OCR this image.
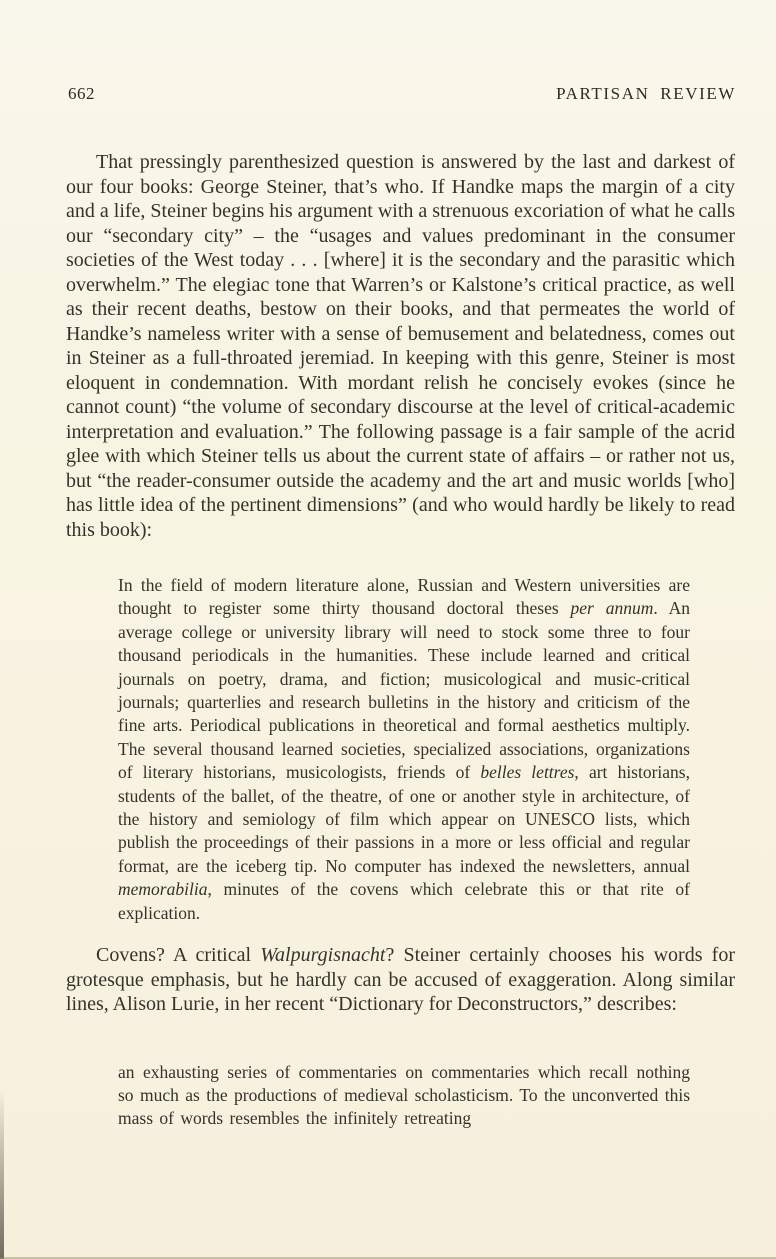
662	PARTISAN REVIEW
That pressingly parenthesized question is answered by the last and darkest of our four books: George Steiner, that’s who. If Handke maps the margin of a city and a life, Steiner begins his argument with a strenuous excoriation of what he calls our “secondary city” – the “usages and values predominant in the consumer societies of the West today . . . [where] it is the secondary and the parasitic which overwhelm.” The elegiac tone that Warren’s or Kalstone’s critical practice, as well as their recent deaths, bestow on their books, and that permeates the world of Handke’s nameless writer with a sense of bemusement and belatedness, comes out in Steiner as a full-throated jeremiad. In keeping with this genre, Steiner is most eloquent in condemnation. With mordant relish he concisely evokes (since he cannot count) “the volume of secondary discourse at the level of critical-academic interpretation and evaluation.” The following passage is a fair sample of the acrid glee with which Steiner tells us about the current state of affairs – or rather not us, but “the reader-consumer outside the academy and the art and music worlds [who] has little idea of the pertinent dimensions” (and who would hardly be likely to read this book):
In the field of modern literature alone, Russian and Western universities are thought to register some thirty thousand doctoral theses per annum. An average college or university library will need to stock some three to four thousand periodicals in the humanities. These include learned and critical journals on poetry, drama, and fiction; musicological and music-critical journals; quarterlies and research bulletins in the history and criticism of the fine arts. Periodical publications in theoretical and formal aesthetics multiply. The several thousand learned societies, specialized associations, organizations of literary historians, musicologists, friends of belles lettres, art historians, students of the ballet, of the theatre, of one or another style in architecture, of the history and semiology of film which appear on UNESCO lists, which publish the proceedings of their passions in a more or less official and regular format, are the iceberg tip. No computer has indexed the newsletters, annual memorabilia, minutes of the covens which celebrate this or that rite of explication.
Covens? A critical Walpurgisnacht? Steiner certainly chooses his words for grotesque emphasis, but he hardly can be accused of exaggeration. Along similar lines, Alison Lurie, in her recent “Dictionary for Deconstructors,” describes:
an exhausting series of commentaries on commentaries which recall nothing so much as the productions of medieval scholasticism. To the unconverted this mass of words resembles the infinitely retreating
